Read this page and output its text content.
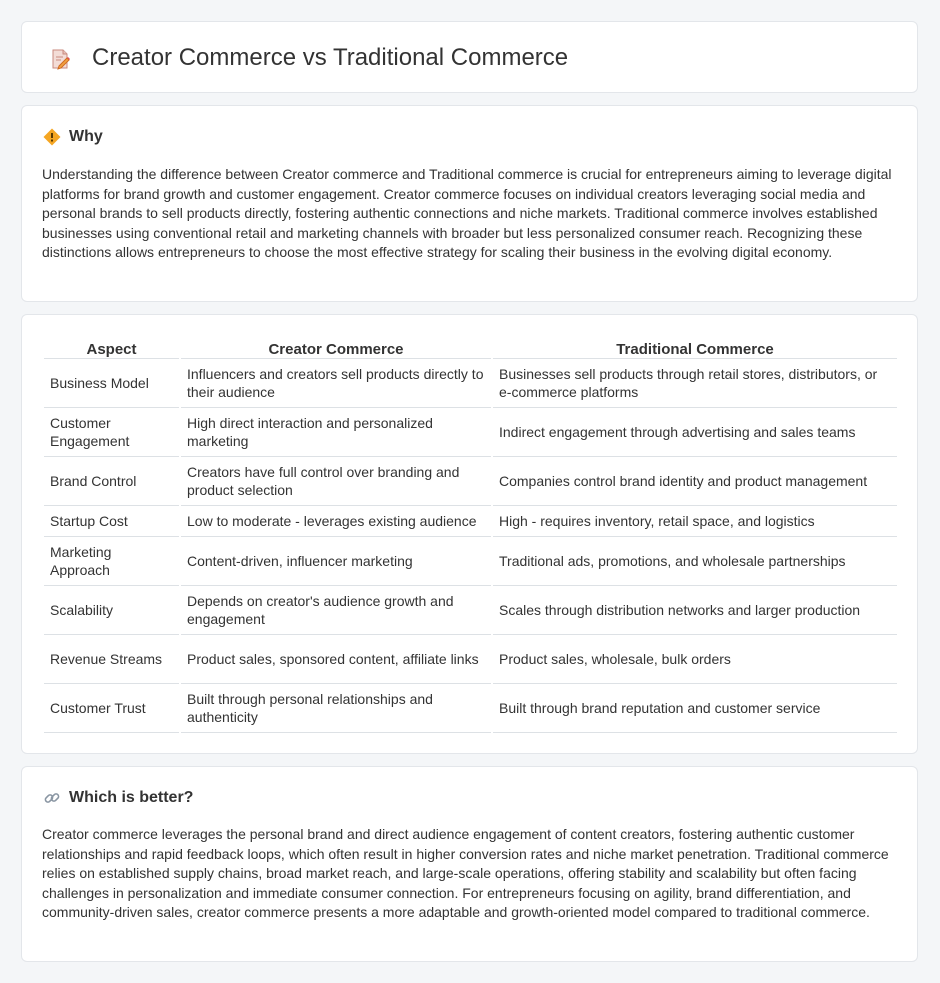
Creator Commerce vs Traditional Commerce
Why

Understanding the difference between Creator commerce and Traditional commerce is crucial for entrepreneurs aiming to leverage digital platforms for brand growth and customer engagement. Creator commerce focuses on individual creators leveraging social media and personal brands to sell products directly, fostering authentic connections and niche markets. Traditional commerce involves established businesses using conventional retail and marketing channels with broader but less personalized consumer reach. Recognizing these distinctions allows entrepreneurs to choose the most effective strategy for scaling their business in the evolving digital economy.

Aspect	Creator Commerce	Traditional Commerce
Business Model	Influencers and creators sell products directly to their audience	Businesses sell products through retail stores, distributors, or e-commerce platforms
Customer Engagement	High direct interaction and personalized marketing	Indirect engagement through advertising and sales teams
Brand Control	Creators have full control over branding and product selection	Companies control brand identity and product management
Startup Cost	Low to moderate - leverages existing audience	High - requires inventory, retail space, and logistics
Marketing Approach	Content-driven, influencer marketing	Traditional ads, promotions, and wholesale partnerships
Scalability	Depends on creator's audience growth and engagement	Scales through distribution networks and larger production
Revenue Streams	Product sales, sponsored content, affiliate links	Product sales, wholesale, bulk orders
Customer Trust	Built through personal relationships and authenticity	Built through brand reputation and customer service
Which is better?

Creator commerce leverages the personal brand and direct audience engagement of content creators, fostering authentic customer relationships and rapid feedback loops, which often result in higher conversion rates and niche market penetration. Traditional commerce relies on established supply chains, broad market reach, and large-scale operations, offering stability and scalability but often facing challenges in personalization and immediate consumer connection. For entrepreneurs focusing on agility, brand differentiation, and community-driven sales, creator commerce presents a more adaptable and growth-oriented model compared to traditional commerce.
